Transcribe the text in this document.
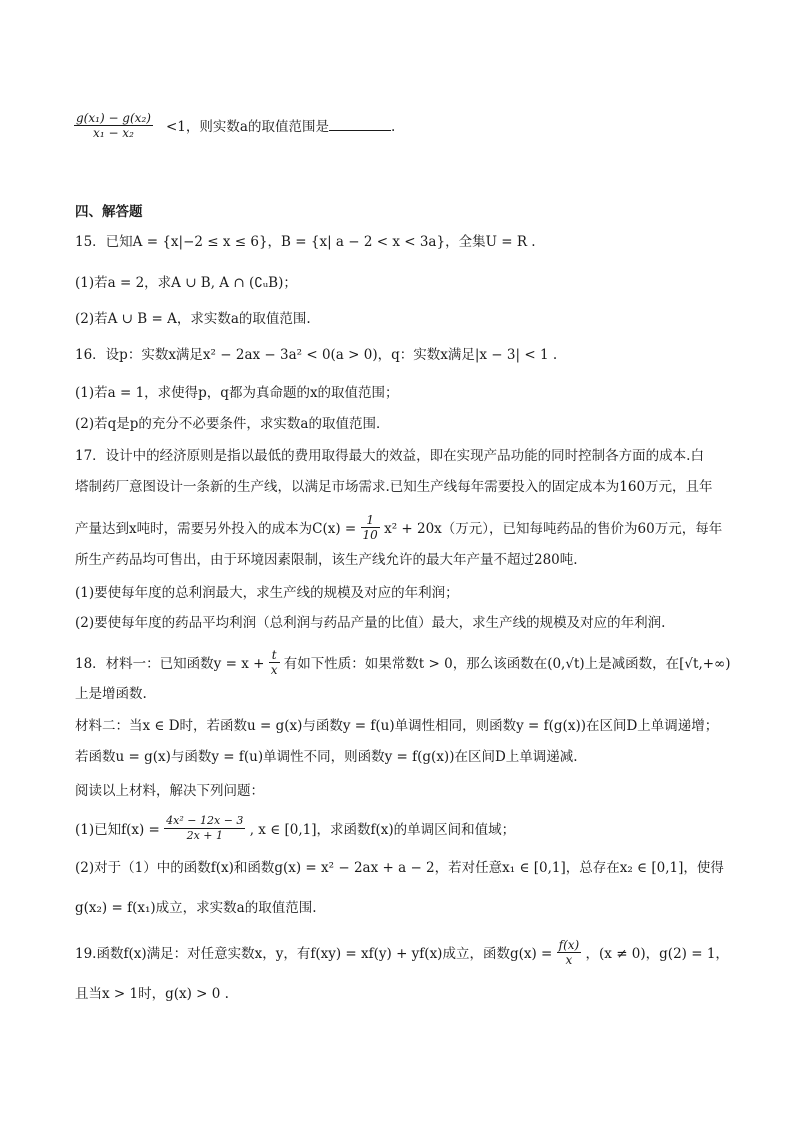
$\frac{\text{g(x₁) − g(x₂)}}{\text{x₁ − x₂}} <1$，则实数a的取值范围是	.
四、解答题
15．已知A = {x|−2 ≤ x ≤ 6}，B = {x| a − 2 < x < 3a}，全集U = R .
(1)若a = 2，求A ∪ B, A ∩ (∁ᵤB)；
(2)若A ∪ B = A，求实数a的取值范围.
16．设p：实数x满足x² − 2ax − 3a² < 0(a > 0)，q：实数x满足|x − 3| < 1 .
(1)若a = 1，求使得p，q都为真命题的x的取值范围；
(2)若q是p的充分不必要条件，求实数a的取值范围．
17．设计中的经济原则是指以最低的费用取得最大的效益，即在实现产品功能的同时控制各方面的成本.白
塔制药厂意图设计一条新的生产线，以满足市场需求.已知生产线每年需要投入的固定成本为160万元，且年
产量达到x吨时，需要另外投入的成本为$C(x) = \frac{1}{10} x^2 + 20x$（万元），已知每吨药品的售价为60万元，每年
所生产药品均可售出，由于环境因素限制，该生产线允许的最大年产量不超过280吨.
(1)要使每年度的总利润最大，求生产线的规模及对应的年利润；
(2)要使每年度的药品平均利润（总利润与药品产量的比值）最大，求生产线的规模及对应的年利润.
18．材料一：已知函数$y = x + \frac{t}{x}$ 有如下性质：如果常数t > 0，那么该函数在(0,√t)上是减函数，在[√t,+∞)
上是增函数.
材料二：当x ∈ D时，若函数u = g(x)与函数y = f(u)单调性相同，则函数y = f(g(x))在区间D上单调递增；
若函数u = g(x)与函数y = f(u)单调性不同，则函数y = f(g(x))在区间D上单调递减.
阅读以上材料，解决下列问题：
(1)已知$f(x) = \frac{\text{4x² − 12x − 3}}{2x + 1}$ , x ∈ [0,1]，求函数f(x)的单调区间和值域；
(2)对于（1）中的函数f(x)和函数g(x) = x² − 2ax + a − 2，若对任意x₁ ∈ [0,1]，总存在x₂ ∈ [0,1]，使得
g(x₂) = f(x₁)成立，求实数a的取值范围.
19.函数f(x)满足：对任意实数x，y，有f(xy) = xf(y) + yf(x)成立，函数$g(x) = \frac{f(x)}{x}$ ，(x ≠ 0)，g(2) = 1，
且当x > 1时，g(x) > 0 .
